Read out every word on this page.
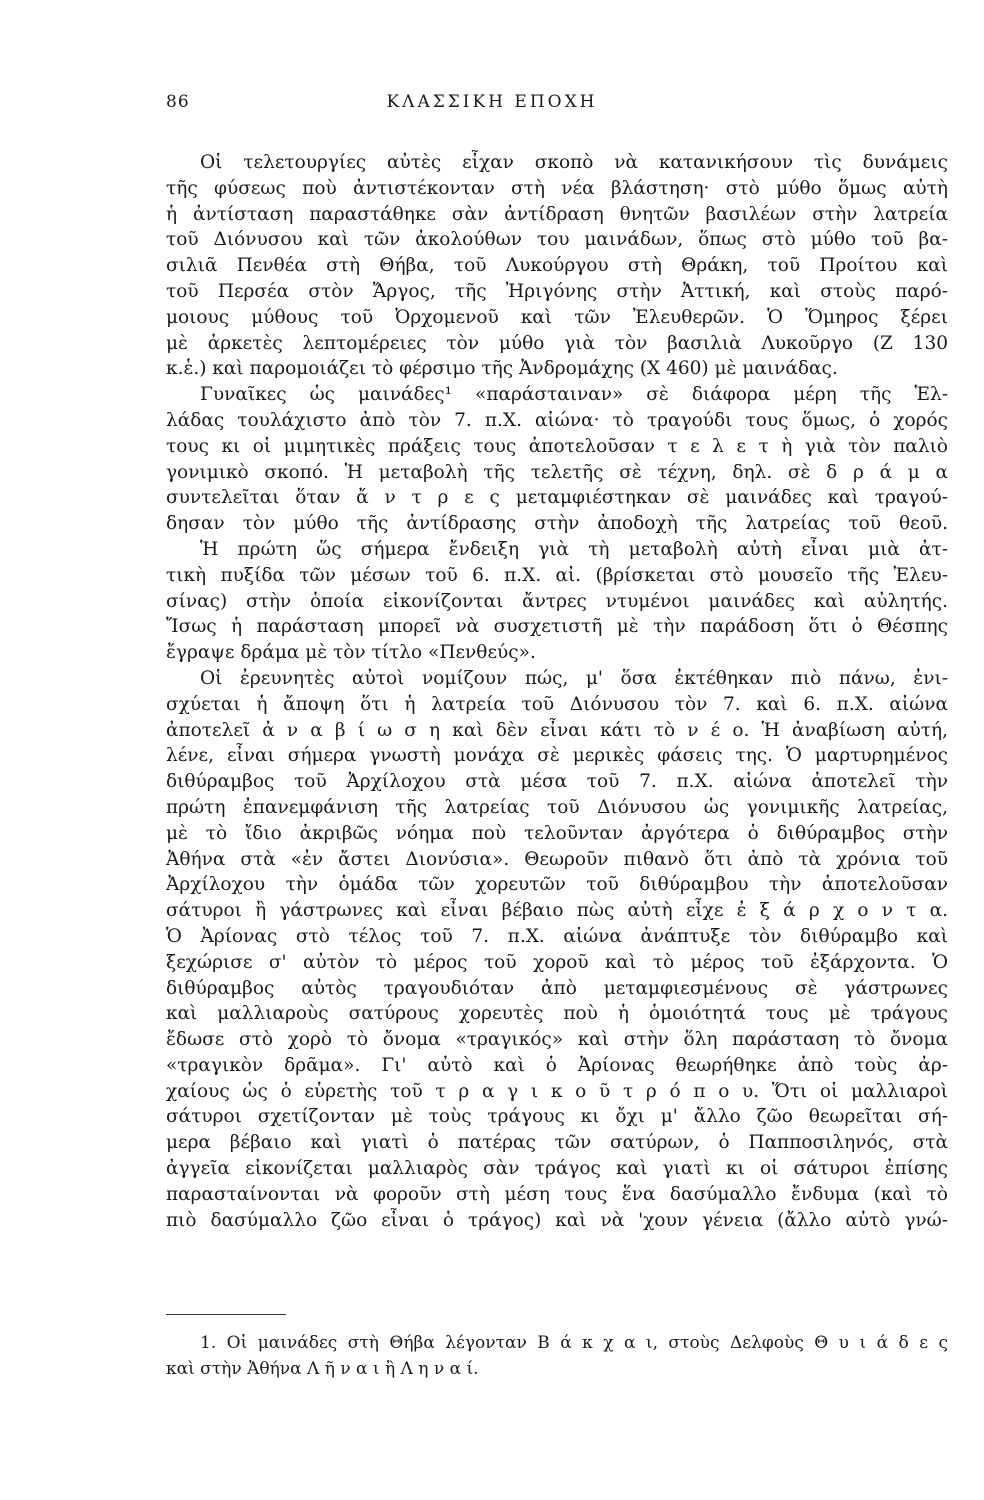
86	ΚΛΑΣΣΙΚΗ ΕΠΟΧΗ
Οἱ τελετουργίες αὐτὲς εἶχαν σκοπὸ νὰ κατανικήσουν τὶς δυνάμεις
τῆς φύσεως ποὺ ἀντιστέκονταν στὴ νέα βλάστηση· στὸ μύθο ὅμως αὐτὴ
ἡ ἀντίσταση παραστάθηκε σὰν ἀντίδραση θνητῶν βασιλέων στὴν λατρεία
τοῦ Διόνυσου καὶ τῶν ἀκολούθων του μαινάδων, ὅπως στὸ μύθο τοῦ βα-
σιλιᾶ Πενθέα στὴ Θήβα, τοῦ Λυκούργου στὴ Θράκη, τοῦ Προίτου καὶ
τοῦ Περσέα στὸν Ἄργος, τῆς Ἠριγόνης στὴν Ἀττική, καὶ στοὺς παρό-
μοιους μύθους τοῦ Ὀρχομενοῦ καὶ τῶν Ἐλευθερῶν. Ὁ Ὅμηρος ξέρει
μὲ ἀρκετὲς λεπτομέρειες τὸν μύθο γιὰ τὸν βασιλιὰ Λυκοῦργο (Ζ 130
κ.ἑ.) καὶ παρομοιάζει τὸ φέρσιμο τῆς Ἀνδρομάχης (Χ 460) μὲ μαινάδας.
Γυναῖκες ὡς μαινάδες¹ «παράσταιναν» σὲ διάφορα μέρη τῆς Ἑλ-
λάδας τουλάχιστο ἀπὸ τὸν 7. π.Χ. αἰώνα· τὸ τραγούδι τους ὅμως, ὁ χορός
τους κι οἱ μιμητικὲς πράξεις τους ἀποτελοῦσαν τ ε λ ε τ ὴ γιὰ τὸν παλιὸ
γονιμικὸ σκοπό. Ἡ μεταβολὴ τῆς τελετῆς σὲ τέχνη, δηλ. σὲ δ ρ ά μ α
συντελεῖται ὅταν ἄ ν τ ρ ε ς μεταμφιέστηκαν σὲ μαινάδες καὶ τραγού-
δησαν τὸν μύθο τῆς ἀντίδρασης στὴν ἀποδοχὴ τῆς λατρείας τοῦ θεοῦ.
Ἡ πρώτη ὥς σήμερα ἔνδειξη γιὰ τὴ μεταβολὴ αὐτὴ εἶναι μιὰ ἀτ-
τικὴ πυξίδα τῶν μέσων τοῦ 6. π.Χ. αἰ. (βρίσκεται στὸ μουσεῖο τῆς Ἐλευ-
σίνας) στὴν ὁποία εἰκονίζονται ἄντρες ντυμένοι μαινάδες καὶ αὐλητής.
Ἴσως ἡ παράσταση μπορεῖ νὰ συσχετιστῆ μὲ τὴν παράδοση ὅτι ὁ Θέσπης
ἔγραψε δράμα μὲ τὸν τίτλο «Πενθεύς».
Οἱ ἐρευνητὲς αὐτοὶ νομίζουν πώς, μ' ὅσα ἐκτέθηκαν πιὸ πάνω, ἐνι-
σχύεται ἡ ἄποψη ὅτι ἡ λατρεία τοῦ Διόνυσου τὸν 7. καὶ 6. π.Χ. αἰώνα
ἀποτελεῖ ἀ ν α β ί ω σ η καὶ δὲν εἶναι κάτι τὸ ν έ ο. Ἡ ἀναβίωση αὐτή,
λένε, εἶναι σήμερα γνωστὴ μονάχα σὲ μερικὲς φάσεις της. Ὁ μαρτυρημένος
διθύραμβος τοῦ Ἀρχίλοχου στὰ μέσα τοῦ 7. π.Χ. αἰώνα ἀποτελεῖ τὴν
πρώτη ἐπανεμφάνιση τῆς λατρείας τοῦ Διόνυσου ὡς γονιμικῆς λατρείας,
μὲ τὸ ἴδιο ἀκριβῶς νόημα ποὺ τελοῦνταν ἀργότερα ὁ διθύραμβος στὴν
Ἀθήνα στὰ «ἐν ἄστει Διονύσια». Θεωροῦν πιθανὸ ὅτι ἀπὸ τὰ χρόνια τοῦ
Ἀρχίλοχου τὴν ὁμάδα τῶν χορευτῶν τοῦ διθύραμβου τὴν ἀποτελοῦσαν
σάτυροι ἢ γάστρωνες καὶ εἶναι βέβαιο πὼς αὐτὴ εἶχε ἐ ξ ά ρ χ ο ν τ α.
Ὁ Ἀρίονας στὸ τέλος τοῦ 7. π.Χ. αἰώνα ἀνάπτυξε τὸν διθύραμβο καὶ
ξεχώρισε σ' αὐτὸν τὸ μέρος τοῦ χοροῦ καὶ τὸ μέρος τοῦ ἐξάρχοντα. Ὁ
διθύραμβος αὐτὸς τραγουδιόταν ἀπὸ μεταμφιεσμένους σὲ γάστρωνες
καὶ μαλλιαροὺς σατύρους χορευτὲς ποὺ ἡ ὁμοιότητά τους μὲ τράγους
ἔδωσε στὸ χορὸ τὸ ὄνομα «τραγικός» καὶ στὴν ὅλη παράσταση τὸ ὄνομα
«τραγικὸν δρᾶμα». Γι' αὐτὸ καὶ ὁ Ἀρίονας θεωρήθηκε ἀπὸ τοὺς ἀρ-
χαίους ὡς ὁ εὑρετὴς τοῦ τ ρ α γ ι κ ο ῦ τ ρ ό π ο υ. Ὅτι οἱ μαλλιαροὶ
σάτυροι σχετίζονταν μὲ τοὺς τράγους κι ὄχι μ' ἄλλο ζῶο θεωρεῖται σή-
μερα βέβαιο καὶ γιατὶ ὁ πατέρας τῶν σατύρων, ὁ Παπποσιληνός, στὰ
ἀγγεῖα εἰκονίζεται μαλλιαρὸς σὰν τράγος καὶ γιατὶ κι οἱ σάτυροι ἐπίσης
παρασταίνονται νὰ φοροῦν στὴ μέση τους ἕνα δασύμαλλο ἔνδυμα (καὶ τὸ
πιὸ δασύμαλλο ζῶο εἶναι ὁ τράγος) καὶ νὰ 'χουν γένεια (ἄλλο αὐτὸ γνώ-
1. Οἱ μαινάδες στὴ Θήβα λέγονταν Β ά κ χ α ι, στοὺς Δελφοὺς Θ υ ι ά δ ε ς
καὶ στὴν Ἀθήνα Λ ῆ ν α ι ἢ Λ η ν α ί.
